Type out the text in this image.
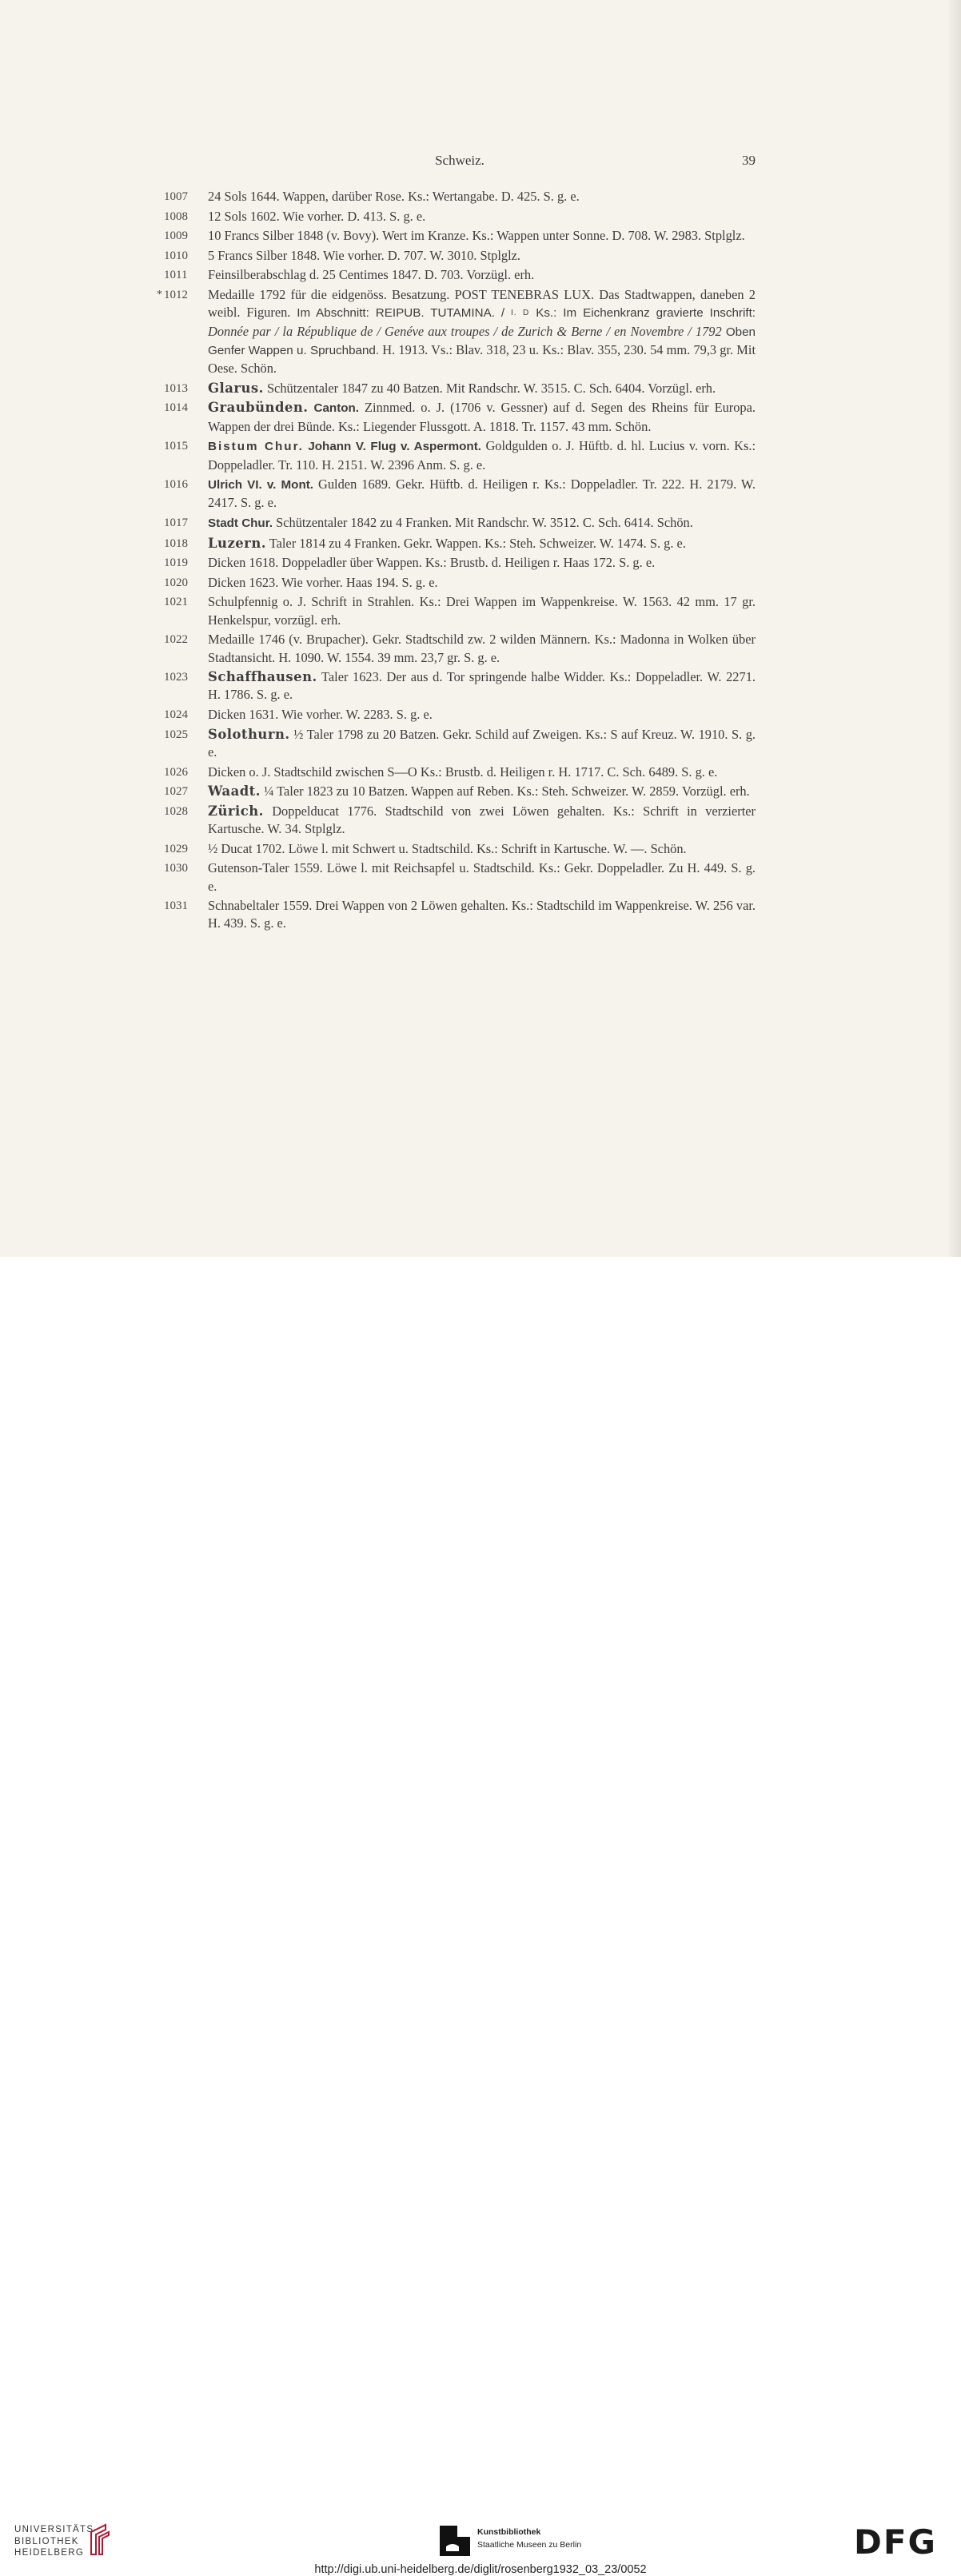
Schweiz.	39
1007	24 Sols 1644. Wappen, darüber Rose. Ks.: Wertangabe. D. 425. S. g. e.
1008	12 Sols 1602. Wie vorher. D. 413. S. g. e.
1009	10 Francs Silber 1848 (v. Bovy). Wert im Kranze. Ks.: Wappen unter Sonne. D. 708. W. 2983. Stplglz.
1010	5 Francs Silber 1848. Wie vorher. D. 707. W. 3010. Stplglz.
1011	Feinsilberabschlag d. 25 Centimes 1847. D. 703. Vorzügl. erh.
* 1012	Medaille 1792 für die eidgenöss. Besatzung. POST TENEBRAS LUX. Das Stadtwappen, daneben 2 weibl. Figuren. Im Abschnitt: REIPUB. TUTAMINA. / I. D Ks.: Im Eichenkranz gravierte Inschrift: Donnée par / la République de / Genéve aux troupes / de Zurich & Berne / en Novembre / 1792 Oben Genfer Wappen u. Spruchband. H. 1913. Vs.: Blav. 318, 23 u. Ks.: Blav. 355, 230. 54 mm. 79,3 gr. Mit Oese. Schön.
1013	Glarus. Schützentaler 1847 zu 40 Batzen. Mit Randschr. W. 3515. C. Sch. 6404. Vorzügl. erh.
1014	Graubünden. Canton. Zinnmed. o. J. (1706 v. Gessner) auf d. Segen des Rheins für Europa. Wappen der drei Bünde. Ks.: Liegender Flussgott. A. 1818. Tr. 1157. 43 mm. Schön.
1015	Bistum Chur. Johann V. Flug v. Aspermont. Goldgulden o. J. Hüftb. d. hl. Lucius v. vorn. Ks.: Doppeladler. Tr. 110. H. 2151. W. 2396 Anm. S. g. e.
1016	Ulrich VI. v. Mont. Gulden 1689. Gekr. Hüftb. d. Heiligen r. Ks.: Doppeladler. Tr. 222. H. 2179. W. 2417. S. g. e.
1017	Stadt Chur. Schützentaler 1842 zu 4 Franken. Mit Randschr. W. 3512. C. Sch. 6414. Schön.
1018	Luzern. Taler 1814 zu 4 Franken. Gekr. Wappen. Ks.: Steh. Schweizer. W. 1474. S. g. e.
1019	Dicken 1618. Doppeladler über Wappen. Ks.: Brustb. d. Heiligen r. Haas 172. S. g. e.
1020	Dicken 1623. Wie vorher. Haas 194. S. g. e.
1021	Schulpfennig o. J. Schrift in Strahlen. Ks.: Drei Wappen im Wappenkreise. W. 1563. 42 mm. 17 gr. Henkelspur, vorzügl. erh.
1022	Medaille 1746 (v. Brupacher). Gekr. Stadtschild zw. 2 wilden Männern. Ks.: Madonna in Wolken über Stadtansicht. H. 1090. W. 1554. 39 mm. 23,7 gr. S. g. e.
1023	Schaffhausen. Taler 1623. Der aus d. Tor springende halbe Widder. Ks.: Doppeladler. W. 2271. H. 1786. S. g. e.
1024	Dicken 1631. Wie vorher. W. 2283. S. g. e.
1025	Solothurn. ½ Taler 1798 zu 20 Batzen. Gekr. Schild auf Zweigen. Ks.: S auf Kreuz. W. 1910. S. g. e.
1026	Dicken o. J. Stadtschild zwischen S—O Ks.: Brustb. d. Heiligen r. H. 1717. C. Sch. 6489. S. g. e.
1027	Waadt. ¼ Taler 1823 zu 10 Batzen. Wappen auf Reben. Ks.: Steh. Schweizer. W. 2859. Vorzügl. erh.
1028	Zürich. Doppelducat 1776. Stadtschild von zwei Löwen gehalten. Ks.: Schrift in verzierter Kartusche. W. 34. Stplglz.
1029	½ Ducat 1702. Löwe l. mit Schwert u. Stadtschild. Ks.: Schrift in Kartusche. W. —. Schön.
1030	Gutenson-Taler 1559. Löwe l. mit Reichsapfel u. Stadtschild. Ks.: Gekr. Doppeladler. Zu H. 449. S. g. e.
1031	Schnabeltaler 1559. Drei Wappen von 2 Löwen gehalten. Ks.: Stadtschild im Wappenkreise. W. 256 var. H. 439. S. g. e.
UNIVERSITÄTS-
BIBLIOTHEK
HEIDELBERG
Kunstbibliothek
Staatliche Museen zu Berlin	DFG
http://digi.ub.uni-heidelberg.de/diglit/rosenberg1932_03_23/0052
